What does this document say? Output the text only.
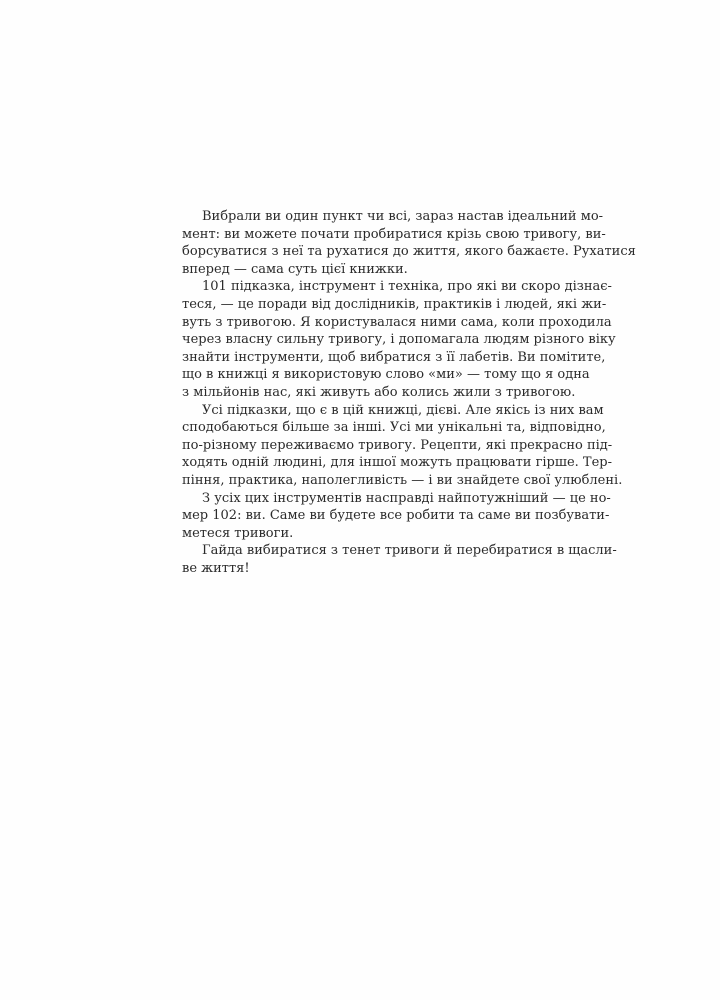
Вибрали ви один пункт чи всі, зараз настав ідеальний мо-
мент: ви можете почати пробиратися крізь свою тривогу, ви-
борсуватися з неї та рухатися до життя, якого бажаєте. Рухатися
вперед — сама суть цієї книжки.
101 підказка, інструмент і техніка, про які ви скоро дізнає-
теся, — це поради від дослідників, практиків і людей, які жи-
вуть з тривогою. Я користувалася ними сама, коли проходила
через власну сильну тривогу, і допомагала людям різного віку
знайти інструменти, щоб вибратися з її лабетів. Ви помітите,
що в книжці я використовую слово «ми» — тому що я одна
з мільйонів нас, які живуть або колись жили з тривогою.
Усі підказки, що є в цій книжці, дієві. Але якісь із них вам
сподобаються більше за інші. Усі ми унікальні та, відповідно,
по-різному переживаємо тривогу. Рецепти, які прекрасно під-
ходять одній людині, для іншої можуть працювати гірше. Тер-
піння, практика, наполегливість — і ви знайдете свої улюблені.
З усіх цих інструментів насправді найпотужніший — це но-
мер 102: ви. Саме ви будете все робити та саме ви позбувати-
метеся тривоги.
Гайда вибиратися з тенет тривоги й перебиратися в щасли-
ве життя!
